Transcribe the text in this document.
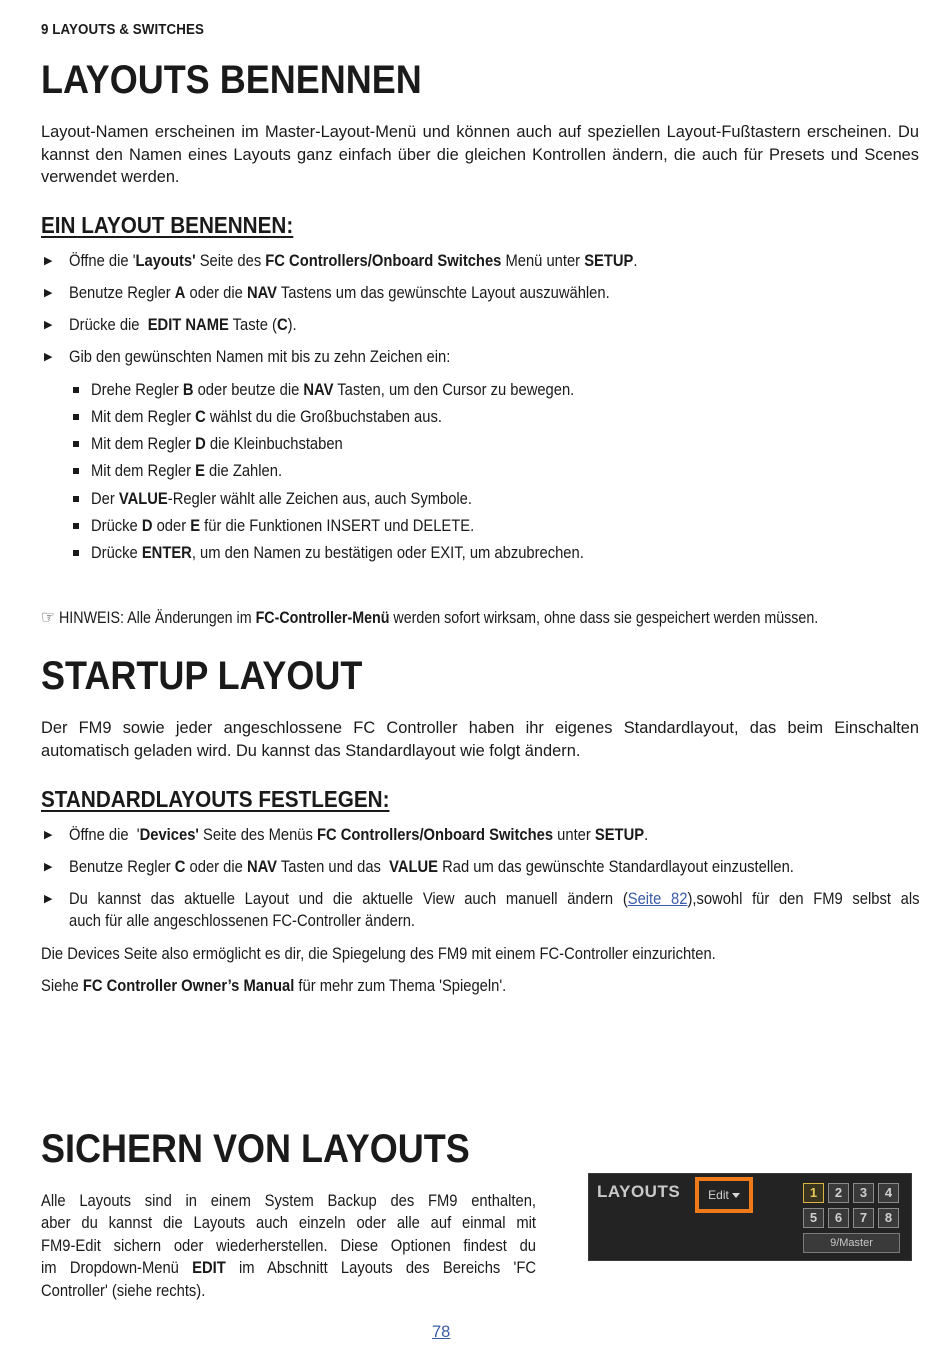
9 LAYOUTS & SWITCHES
LAYOUTS BENENNEN
Layout-Namen erscheinen im Master-Layout-Menü und können auch auf speziellen Layout-Fußtastern erscheinen. Du kannst den Namen eines Layouts ganz einfach über die gleichen Kontrollen ändern, die auch für Presets und Scenes verwendet werden.
EIN LAYOUT BENENNEN:
▶ Öffne die 'Layouts' Seite des FC Controllers/Onboard Switches Menü unter SETUP.
▶ Benutze Regler A oder die NAV Tastens um das gewünschte Layout auszuwählen.
▶ Drücke die  EDIT NAME Taste (C).
▶ Gib den gewünschten Namen mit bis zu zehn Zeichen ein:
Drehe Regler B oder beutze die NAV Tasten, um den Cursor zu bewegen.
Mit dem Regler C wählst du die Großbuchstaben aus.
Mit dem Regler D die Kleinbuchstaben
Mit dem Regler E die Zahlen.
Der VALUE-Regler wählt alle Zeichen aus, auch Symbole.
Drücke D oder E für die Funktionen INSERT und DELETE.
Drücke ENTER, um den Namen zu bestätigen oder EXIT, um abzubrechen.
☞ HINWEIS: Alle Änderungen im FC-Controller-Menü werden sofort wirksam, ohne dass sie gespeichert werden müssen.
STARTUP LAYOUT
Der FM9 sowie jeder angeschlossene FC Controller haben ihr eigenes Standardlayout, das beim Einschalten automatisch geladen wird. Du kannst das Standardlayout wie folgt ändern.
STANDARDLAYOUTS FESTLEGEN:
▶ Öffne die  'Devices' Seite des Menüs FC Controllers/Onboard Switches unter SETUP.
▶ Benutze Regler C oder die NAV Tasten und das  VALUE Rad um das gewünschte Standardlayout einzustellen.
▶ Du kannst das aktuelle Layout und die aktuelle View auch manuell ändern (Seite 82),sowohl für den FM9 selbst als
auch für alle angeschlossenen FC-Controller ändern.
Die Devices Seite also ermöglicht es dir, die Spiegelung des FM9 mit einem FC-Controller einzurichten.
Siehe FC Controller Owner’s Manual für mehr zum Thema 'Spiegeln'.
SICHERN VON LAYOUTS
Alle Layouts sind in einem System Backup des FM9 enthalten,
aber du kannst die Layouts auch einzeln oder alle auf einmal mit
FM9-Edit sichern oder wiederherstellen. Diese Optionen findest du
im Dropdown-Menü EDIT im Abschnitt Layouts des Bereichs 'FC
Controller' (siehe rechts).
LAYOUTS Edit	1	2	3	4
5	6	7	8
9/Master
78
